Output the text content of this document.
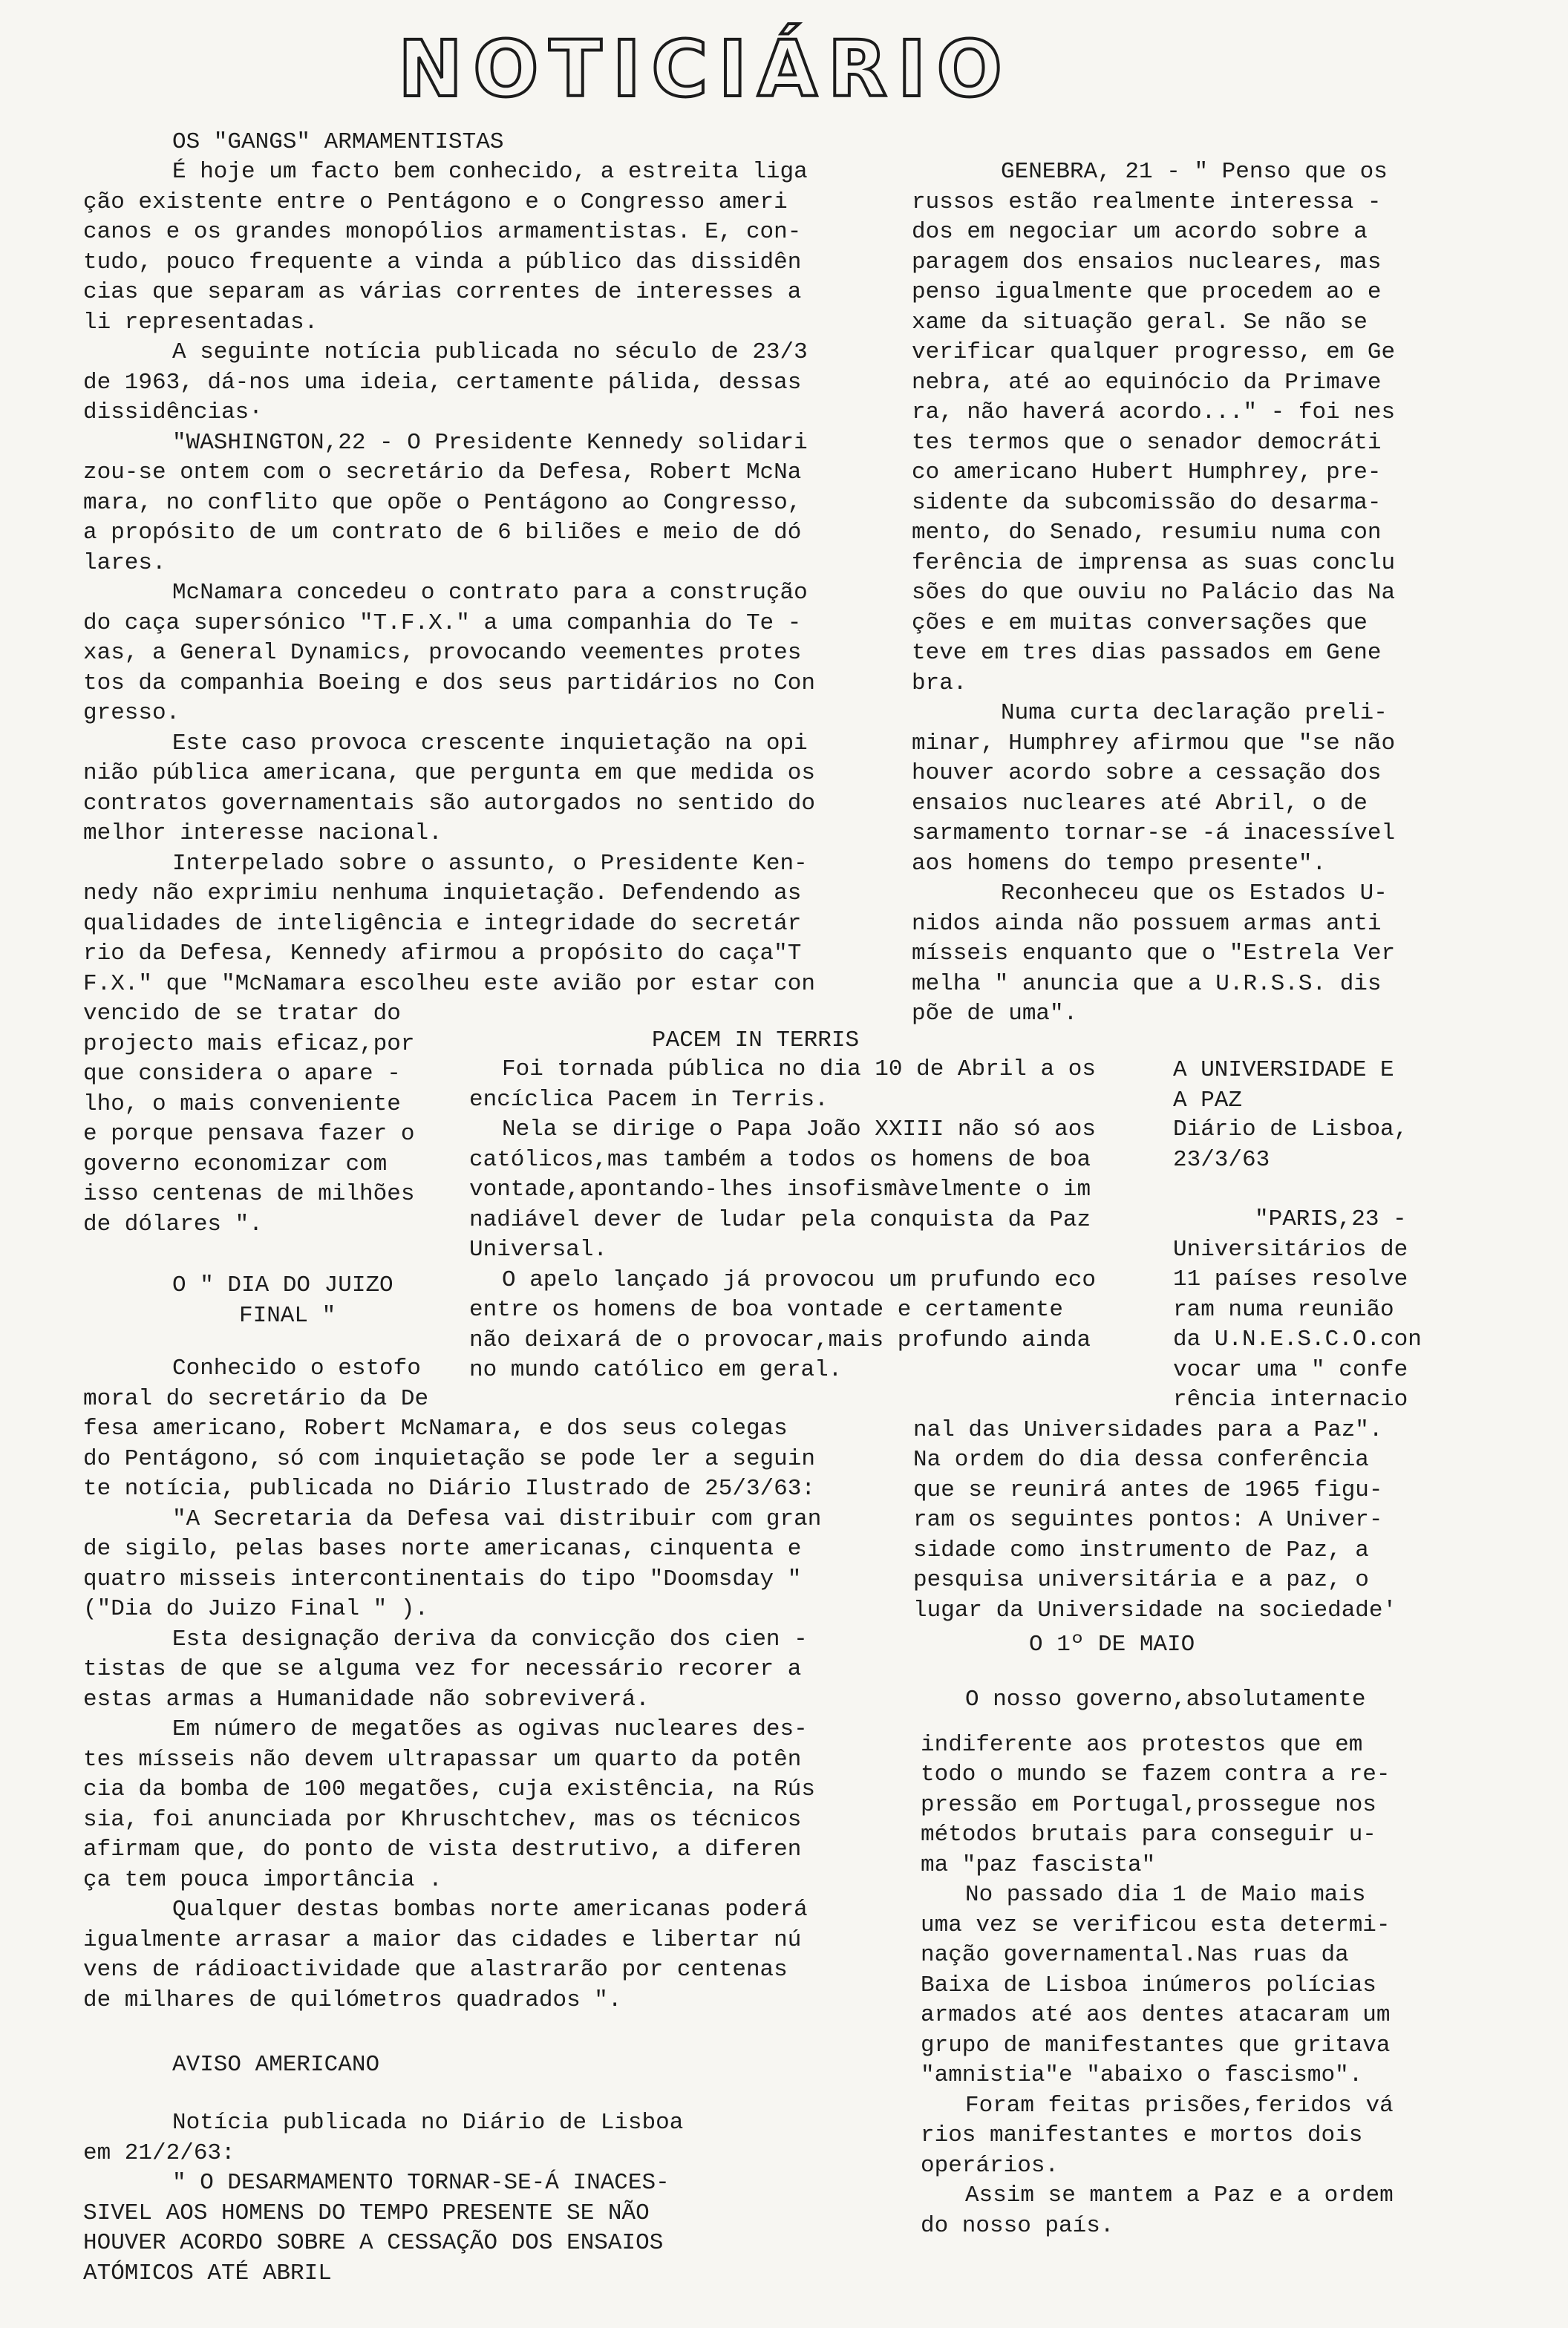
NOTICIÁRIO
OS "GANGS" ARMAMENTISTAS
É hoje um facto bem conhecido, a estreita liga
ção existente entre o Pentágono e o Congresso ameri
canos e os grandes monopólios armamentistas. E, con-
tudo, pouco frequente a vinda a público das dissidên
cias que separam as várias correntes de interesses a
li representadas.
A seguinte notícia publicada no século de 23/3
de 1963, dá-nos uma ideia, certamente pálida, dessas
dissidências·
"WASHINGTON,22 - O Presidente Kennedy solidari
zou-se ontem com o secretário da Defesa, Robert McNa
mara, no conflito que opõe o Pentágono ao Congresso,
a propósito de um contrato de 6 biliões e meio de dó
lares.
McNamara concedeu o contrato para a construção
do caça supersónico "T.F.X." a uma companhia do Te -
xas, a General Dynamics, provocando veementes protes
tos da companhia Boeing e dos seus partidários no Con
gresso.
Este caso provoca crescente inquietação na opi
nião pública americana, que pergunta em que medida os
contratos governamentais são autorgados no sentido do
melhor interesse nacional.
Interpelado sobre o assunto, o Presidente Ken-
nedy não exprimiu nenhuma inquietação. Defendendo as
qualidades de inteligência e integridade do secretár
rio da Defesa, Kennedy afirmou a propósito do caça"T
F.X." que "McNamara escolheu este avião por estar con
vencido de se tratar do
projecto mais eficaz,por
que considera o apare -
lho, o mais conveniente
e porque pensava fazer o
governo economizar com
isso centenas de milhões
de dólares ".
O " DIA DO JUIZO
FINAL "
Conhecido o estofo
moral do secretário da De
fesa americano, Robert McNamara, e dos seus colegas
do Pentágono, só com inquietação se pode ler a seguin
te notícia, publicada no Diário Ilustrado de 25/3/63:
"A Secretaria da Defesa vai distribuir com gran
de sigilo, pelas bases norte americanas, cinquenta e
quatro misseis intercontinentais do tipo "Doomsday "
("Dia do Juizo Final " ).
Esta designação deriva da convicção dos cien -
tistas de que se alguma vez for necessário recorer a
estas armas a Humanidade não sobreviverá.
Em número de megatões as ogivas nucleares des-
tes mísseis não devem ultrapassar um quarto da potên
cia da bomba de 100 megatões, cuja existência, na Rús
sia, foi anunciada por Khruschtchev, mas os técnicos
afirmam que, do ponto de vista destrutivo, a diferen
ça tem pouca importância .
Qualquer destas bombas norte americanas poderá
igualmente arrasar a maior das cidades e libertar nú
vens de rádioactividade que alastrarão por centenas
de milhares de quilómetros quadrados ".
AVISO AMERICANO
Notícia publicada no Diário de Lisboa
em 21/2/63:
" O DESARMAMENTO TORNAR-SE-Á INACES-
SIVEL AOS HOMENS DO TEMPO PRESENTE SE NÃO
HOUVER ACORDO SOBRE A CESSAÇÃO DOS ENSAIOS
ATÓMICOS ATÉ ABRIL
GENEBRA, 21 - " Penso que os
russos estão realmente interessa -
dos em negociar um acordo sobre a
paragem dos ensaios nucleares, mas
penso igualmente que procedem ao e
xame da situação geral. Se não se
verificar qualquer progresso, em Ge
nebra, até ao equinócio da Primave
ra, não haverá acordo..." - foi nes
tes termos que o senador democráti
co americano Hubert Humphrey, pre-
sidente da subcomissão do desarma-
mento, do Senado, resumiu numa con
ferência de imprensa as suas conclu
sões do que ouviu no Palácio das Na
ções e em muitas conversações que
teve em tres dias passados em Gene
bra.
Numa curta declaração preli-
minar, Humphrey afirmou que "se não
houver acordo sobre a cessação dos
ensaios nucleares até Abril, o de
sarmamento tornar-se -á inacessível
aos homens do tempo presente".
Reconheceu que os Estados U-
nidos ainda não possuem armas anti
mísseis enquanto que o "Estrela Ver
melha " anuncia que a U.R.S.S. dis
põe de uma".
PACEM IN TERRIS
Foi tornada pública no dia 10 de Abril a os
encíclica Pacem in Terris.
Nela se dirige o Papa João XXIII não só aos
católicos,mas também a todos os homens de boa
vontade,apontando-lhes insofismàvelmente o im
nadiável dever de ludar pela conquista da Paz
Universal.
O apelo lançado já provocou um prufundo eco
entre os homens de boa vontade e certamente
não deixará de o provocar,mais profundo ainda
no mundo católico em geral.
A UNIVERSIDADE E
A PAZ
Diário de Lisboa,
23/3/63
"PARIS,23 -
Universitários de
11 países resolve
ram numa reunião
da U.N.E.S.C.O.con
vocar uma " confe
rência internacio
nal das Universidades para a Paz".
Na ordem do dia dessa conferência
que se reunirá antes de 1965 figu-
ram os seguintes pontos: A Univer-
sidade como instrumento de Paz, a
pesquisa universitária e a paz, o
lugar da Universidade na sociedade'
O 1º DE MAIO
O nosso governo,absolutamente
indiferente aos protestos que em
todo o mundo se fazem contra a re-
pressão em Portugal,prossegue nos
métodos brutais para conseguir u-
ma "paz fascista"
No passado dia 1 de Maio mais
uma vez se verificou esta determi-
nação governamental.Nas ruas da
Baixa de Lisboa inúmeros polícias
armados até aos dentes atacaram um
grupo de manifestantes que gritava
"amnistia"e "abaixo o fascismo".
Foram feitas prisões,feridos vá
rios manifestantes e mortos dois
operários.
Assim se mantem a Paz e a ordem
do nosso país.
